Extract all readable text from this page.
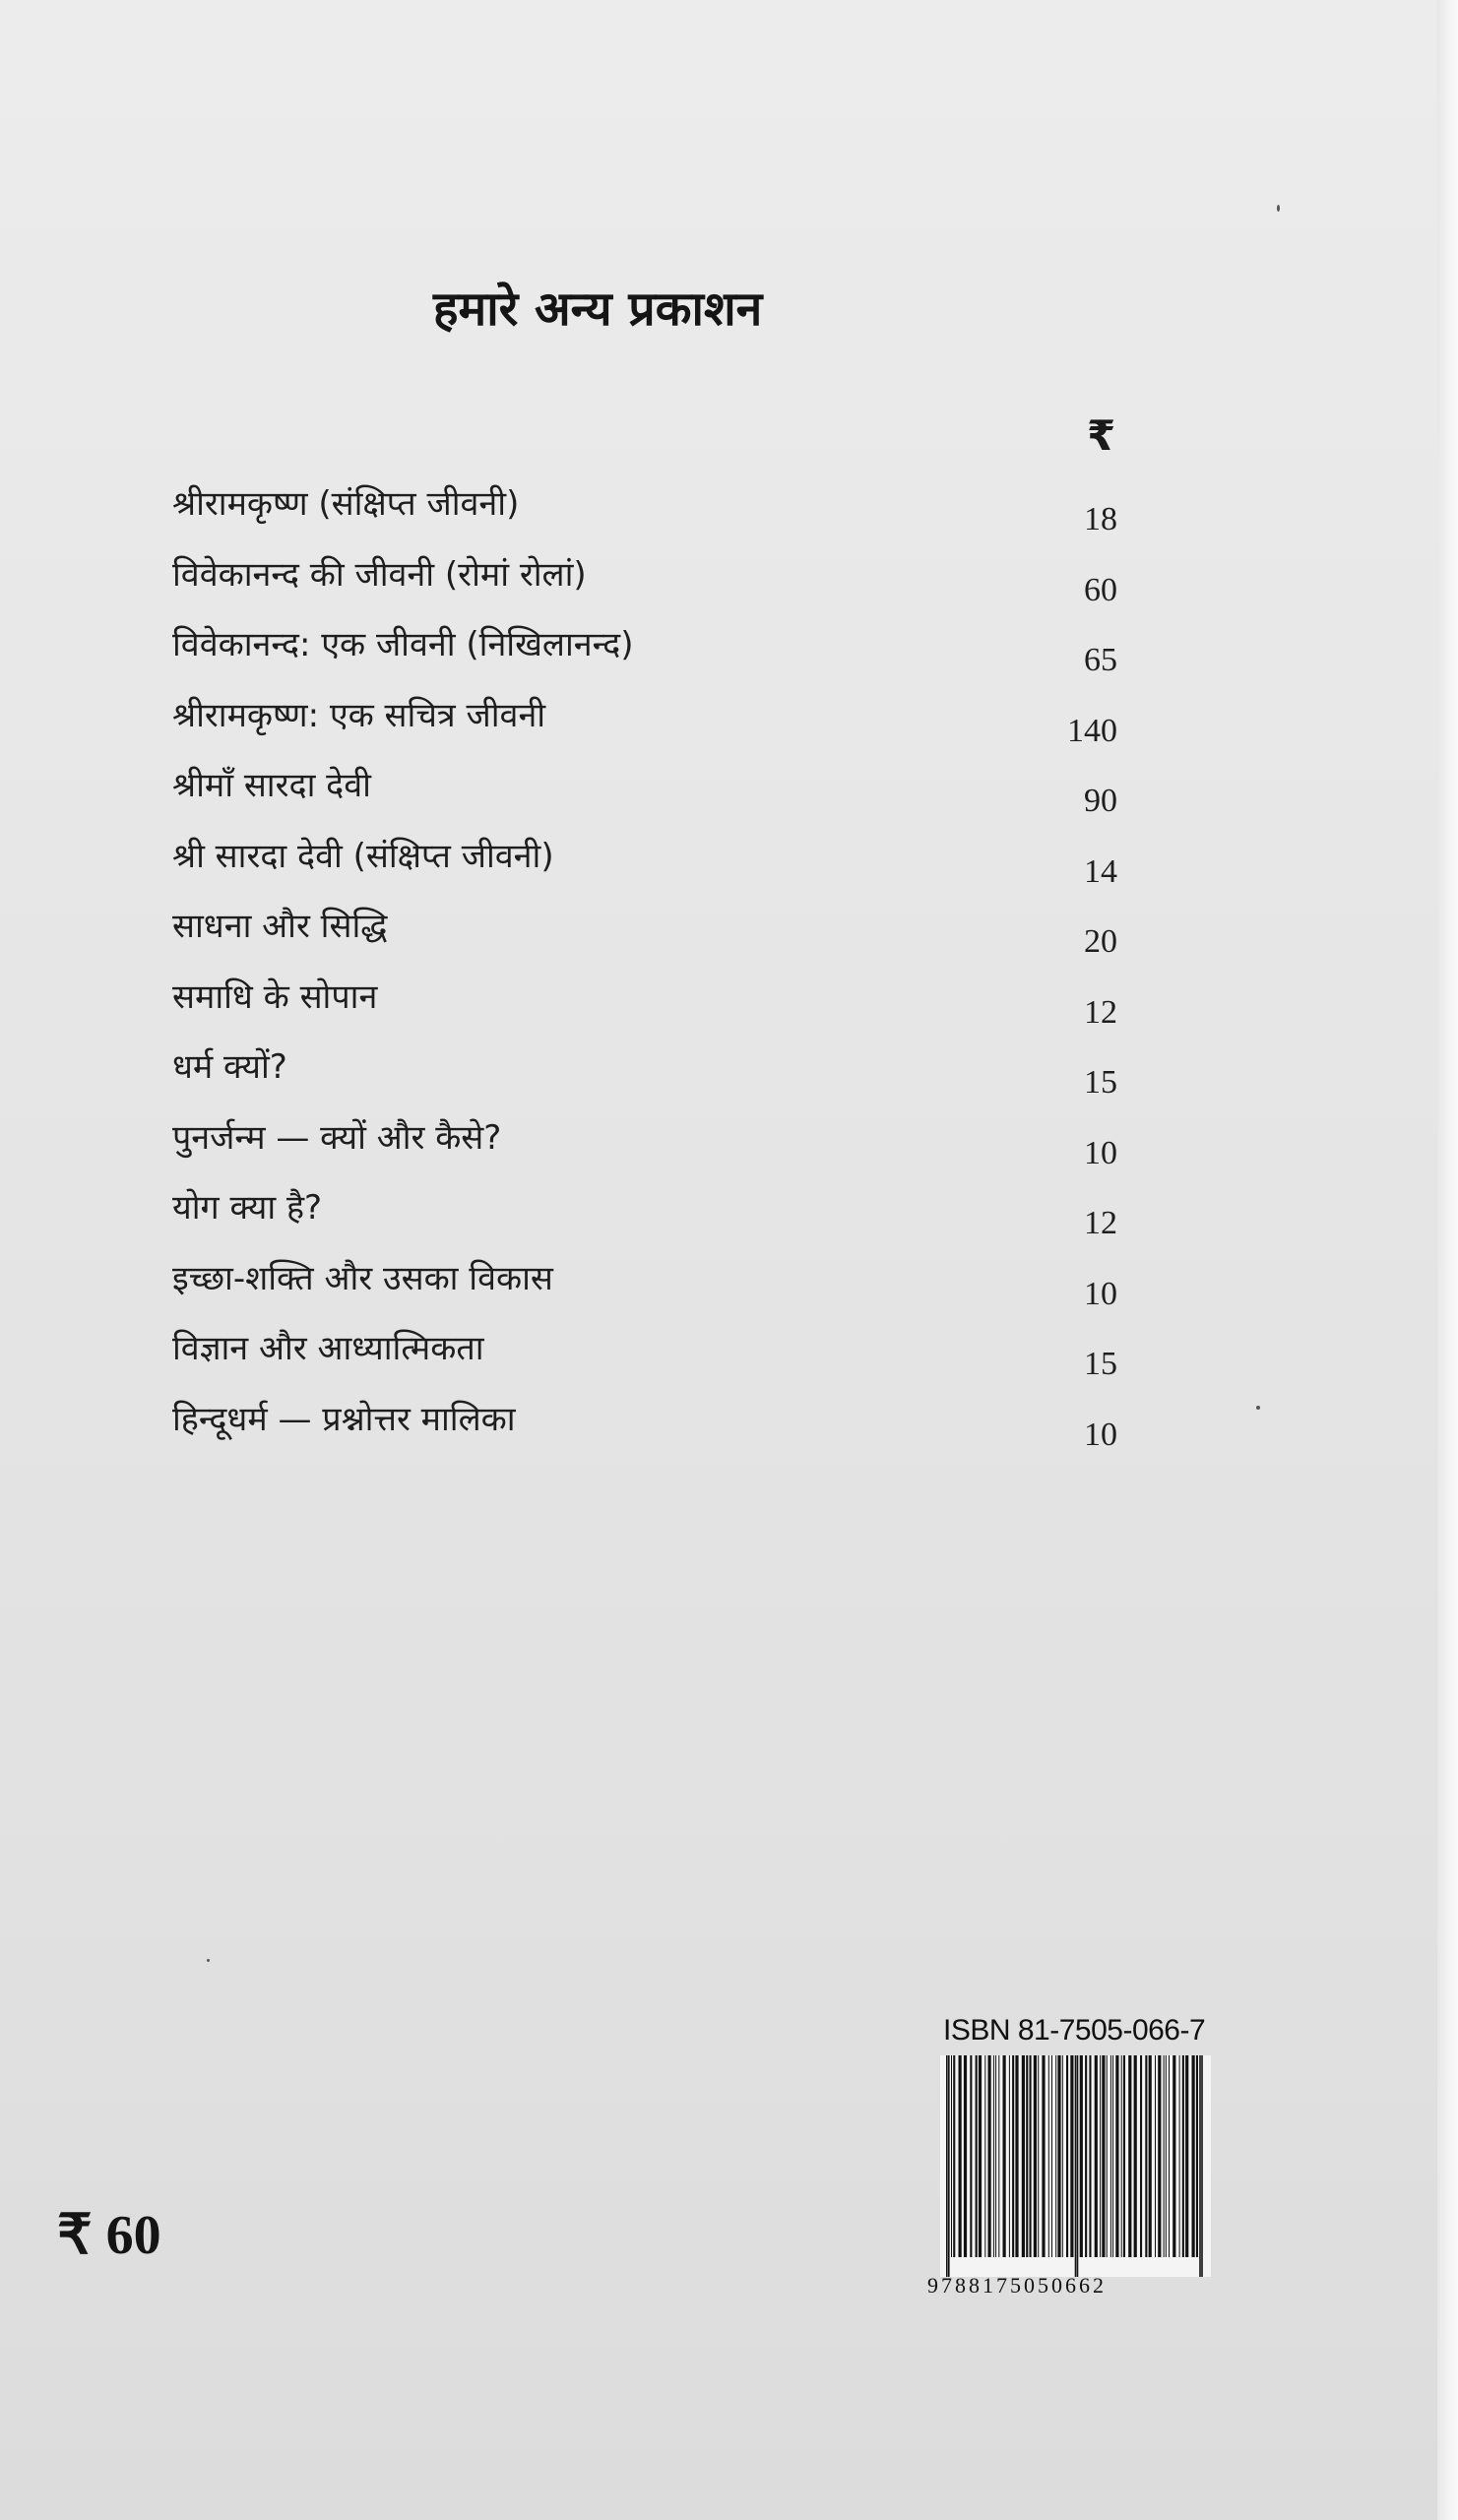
हमारे अन्य प्रकाशन
₹
श्रीरामकृष्ण (संक्षिप्त जीवनी)	18
विवेकानन्द की जीवनी (रोमां रोलां)	60
विवेकानन्द: एक जीवनी (निखिलानन्द)	65
श्रीरामकृष्ण: एक सचित्र जीवनी	140
श्रीमाँ सारदा देवी	90
श्री सारदा देवी (संक्षिप्त जीवनी)	14
साधना और सिद्धि	20
समाधि के सोपान	12
धर्म क्यों?	15
पुनर्जन्म — क्यों और कैसे?	10
योग क्या है?	12
इच्छा-शक्ति और उसका विकास	10
विज्ञान और आध्यात्मिकता	15
हिन्दूधर्म — प्रश्नोत्तर मालिका	10
ISBN 81-7505-066-7
9788175050662
₹ 60
